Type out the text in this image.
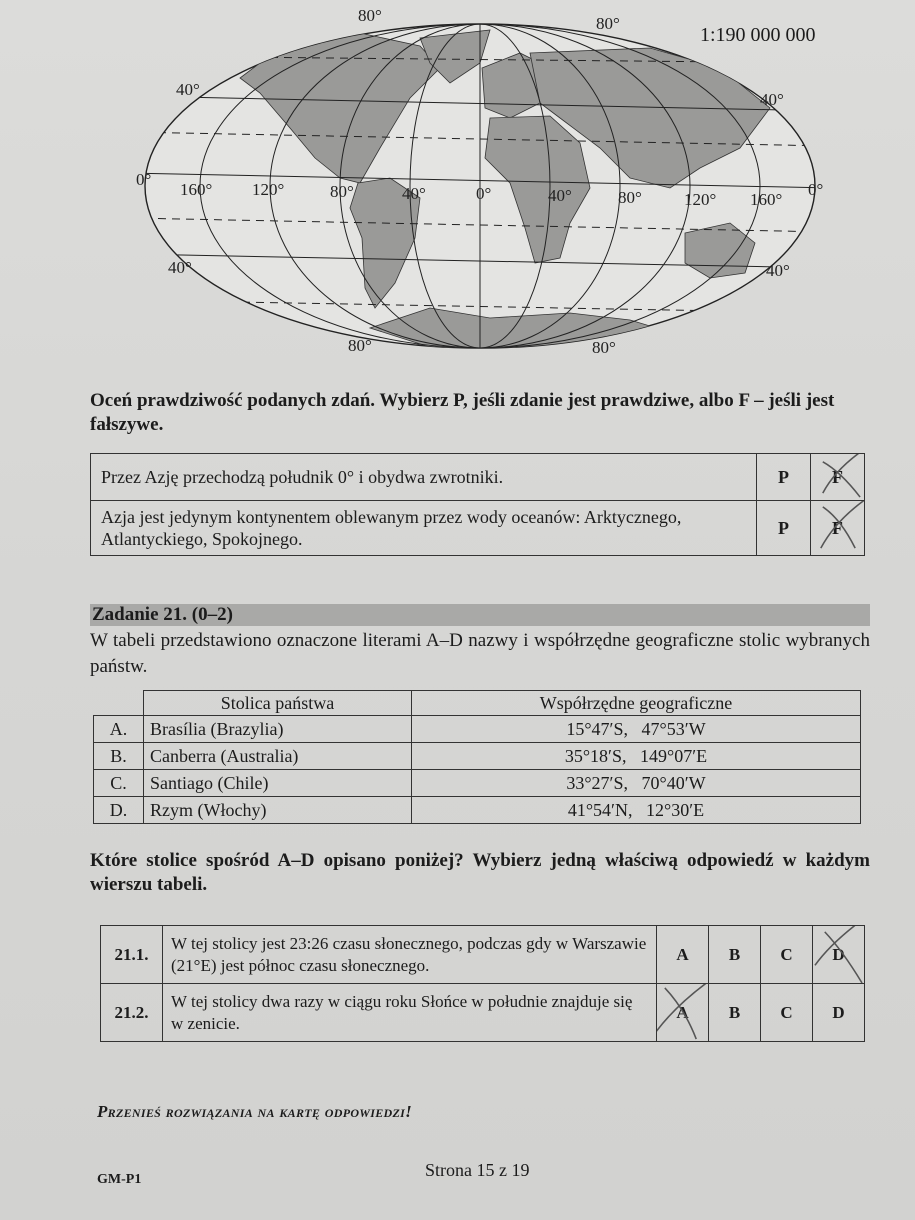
80°	80°
40°
40°
0°
0°
40°	40°
80°	80°
160° 120°	80°	40°	0°	40°	80° 120° 160°
1:190 000 000
Oceń prawdziwość podanych zdań. Wybierz P, jeśli zdanie jest prawdziwe, albo F – jeśli jest fałszywe.
Przez Azję przechodzą południk 0° i obydwa zwrotniki.	P	F

Azja jest jedynym kontynentem oblewanym przez wody oceanów: Arktycznego, Atlantyckiego, Spokojnego.	P	F
Zadanie 21. (0–2)
W tabeli przedstawiono oznaczone literami A–D nazwy i współrzędne geograficzne stolic wybranych państw.
	Stolica państwa	Współrzędne geograficzne
A.	Brasília (Brazylia)	15°47′S,   47°53′W
B.	Canberra (Australia)	35°18′S,   149°07′E
C.	Santiago (Chile)	33°27′S,   70°40′W
D.	Rzym (Włochy)	41°54′N,   12°30′E
Które stolice spośród A–D opisano poniżej? Wybierz jedną właściwą odpowiedź w każdym wierszu tabeli.
21.1.	W tej stolicy jest 23:26 czasu słonecznego, podczas gdy w Warszawie (21°E) jest północ czasu słonecznego.	A	B	C	D

21.2.	W tej stolicy dwa razy w ciągu roku Słońce w południe znajduje się w zenicie.	A	B	C	D
Przenieś rozwiązania na kartę odpowiedzi!
GM-P1	Strona 15 z 19
